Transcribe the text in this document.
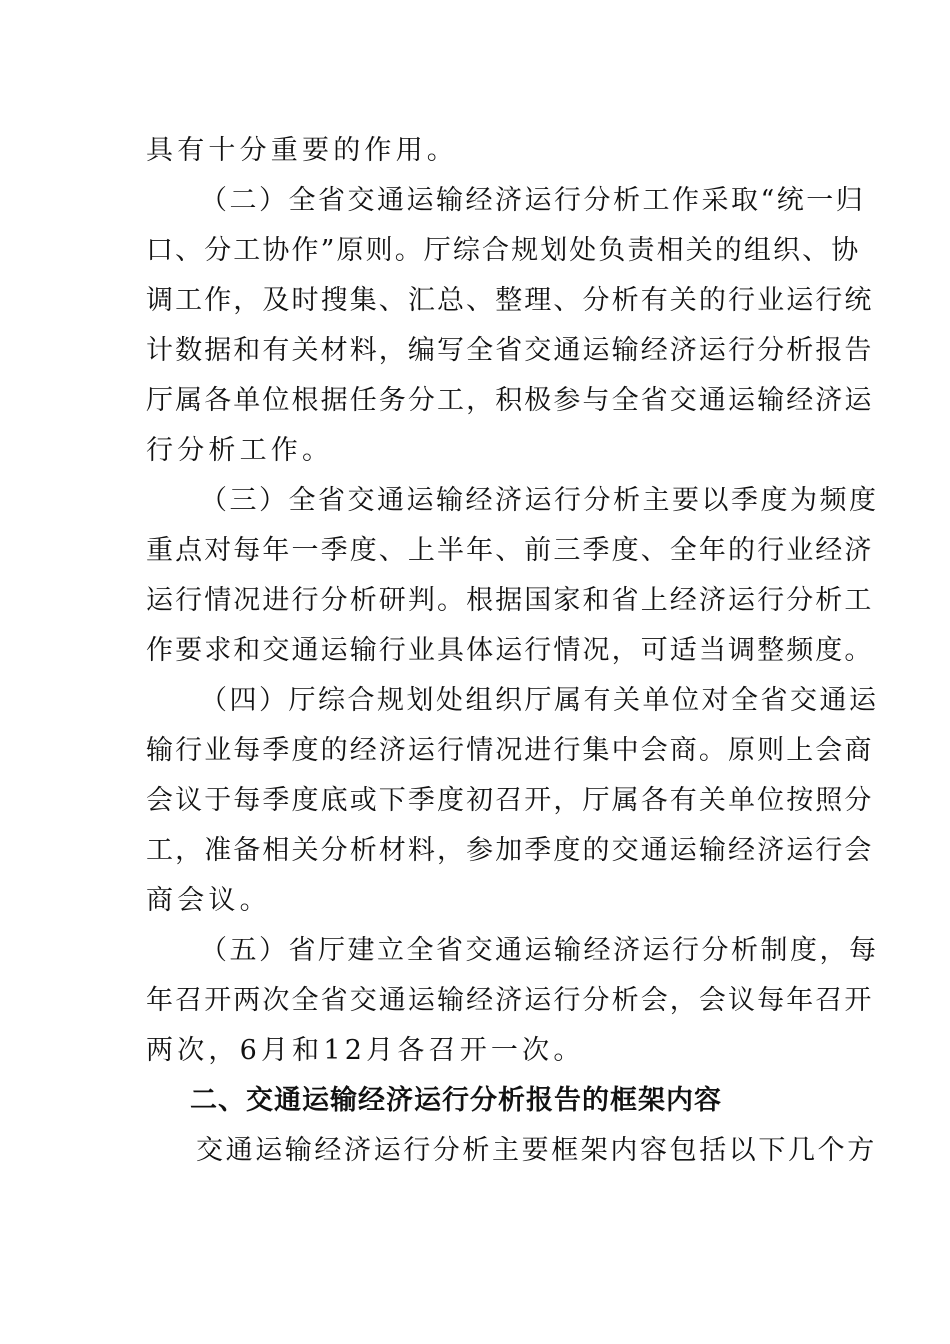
具有十分重要的作用。
（二）全省交通运输经济运行分析工作采取“统一归
口、分工协作”原则。厅综合规划处负责相关的组织、协
调工作，及时搜集、汇总、整理、分析有关的行业运行统
计数据和有关材料，编写全省交通运输经济运行分析报告
厅属各单位根据任务分工，积极参与全省交通运输经济运
行分析工作。
（三）全省交通运输经济运行分析主要以季度为频度
重点对每年一季度、上半年、前三季度、全年的行业经济
运行情况进行分析研判。根据国家和省上经济运行分析工
作要求和交通运输行业具体运行情况，可适当调整频度。
（四）厅综合规划处组织厅属有关单位对全省交通运
输行业每季度的经济运行情况进行集中会商。原则上会商
会议于每季度底或下季度初召开，厅属各有关单位按照分
工，准备相关分析材料，参加季度的交通运输经济运行会
商会议。
（五）省厅建立全省交通运输经济运行分析制度，每
年召开两次全省交通运输经济运行分析会，会议每年召开
两次，6月和12月各召开一次。
二、交通运输经济运行分析报告的框架内容
交通运输经济运行分析主要框架内容包括以下几个方
